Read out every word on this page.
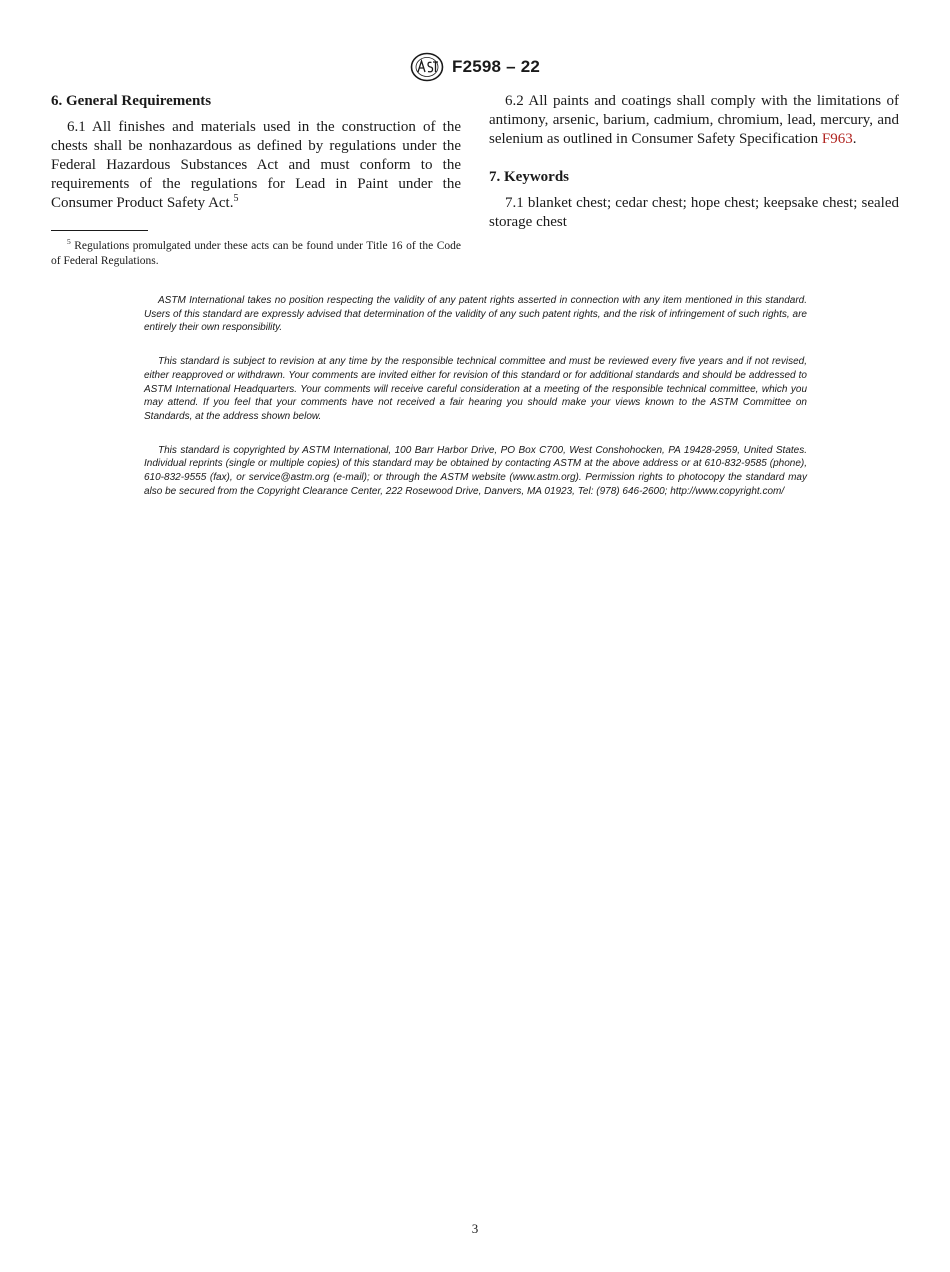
F2598 – 22
6. General Requirements

6.1 All finishes and materials used in the construction of the chests shall be nonhazardous as defined by regulations under the Federal Hazardous Substances Act and must conform to the requirements of the regulations for Lead in Paint under the Consumer Product Safety Act.$^5$

$^5$ Regulations promulgated under these acts can be found under Title 16 of the Code of Federal Regulations.

6.2 All paints and coatings shall comply with the limitations of antimony, arsenic, barium, cadmium, chromium, lead, mercury, and selenium as outlined in Consumer Safety Specification F963.

7. Keywords

7.1 blanket chest; cedar chest; hope chest; keepsake chest; sealed storage chest

ASTM International takes no position respecting the validity of any patent rights asserted in connection with any item mentioned in this standard. Users of this standard are expressly advised that determination of the validity of any such patent rights, and the risk of infringement of such rights, are entirely their own responsibility.

This standard is subject to revision at any time by the responsible technical committee and must be reviewed every five years and if not revised, either reapproved or withdrawn. Your comments are invited either for revision of this standard or for additional standards and should be addressed to ASTM International Headquarters. Your comments will receive careful consideration at a meeting of the responsible technical committee, which you may attend. If you feel that your comments have not received a fair hearing you should make your views known to the ASTM Committee on Standards, at the address shown below.

This standard is copyrighted by ASTM International, 100 Barr Harbor Drive, PO Box C700, West Conshohocken, PA 19428-2959, United States. Individual reprints (single or multiple copies) of this standard may be obtained by contacting ASTM at the above address or at 610-832-9585 (phone), 610-832-9555 (fax), or service@astm.org (e-mail); or through the ASTM website (www.astm.org). Permission rights to photocopy the standard may also be secured from the Copyright Clearance Center, 222 Rosewood Drive, Danvers, MA 01923, Tel: (978) 646-2600; http://www.copyright.com/

3
